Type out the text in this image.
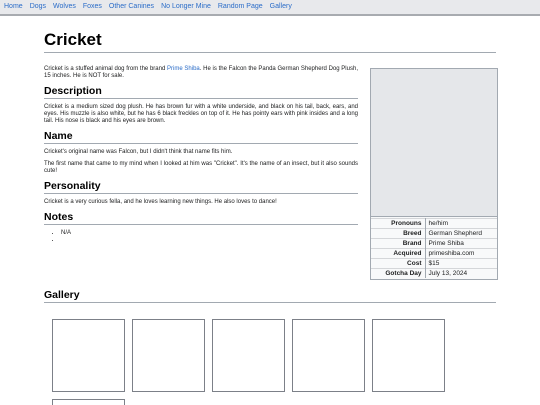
Home Dogs Wolves Foxes Other Canines No Longer Mine Random Page Gallery
Cricket

Cricket is a stuffed animal dog from the brand Prime Shiba. He is the Falcon the Panda German Shepherd Dog Plush, 15 inches. He is NOT for sale.

Description

Cricket is a medium sized dog plush. He has brown fur with a white underside, and black on his tail, back, ears, and eyes. His muzzle is also white, but he has 6 black freckles on top of it. He has pointy ears with pink insides and a long tail. His nose is black and his eyes are brown.

Name

Cricket's original name was Falcon, but I didn't think that name fits him.

The first name that came to my mind when I looked at him was "Cricket". It's the name of an insect, but it also sounds cute!

Personality

Cricket is a very curious fella, and he loves learning new things. He also loves to dance!

Notes
• N/A
•
Pronouns	he/him
Breed	German Shepherd
Brand	Prime Shiba
Acquired	primeshiba.com
Cost	$15
Gotcha Day	July 13, 2024
Gallery
